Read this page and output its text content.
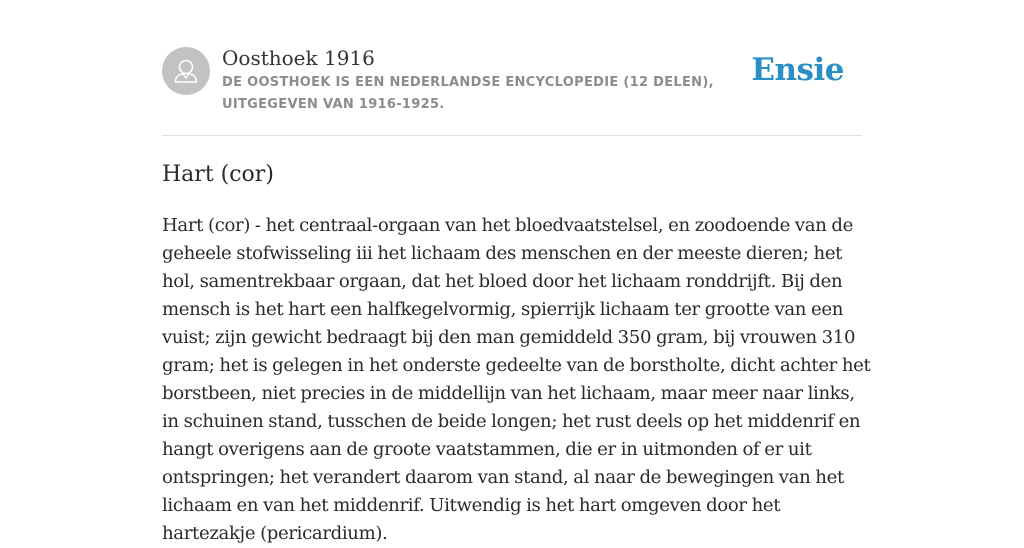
Oosthoek 1916
DE OOSTHOEK IS EEN NEDERLANDSE ENCYCLOPEDIE (12 DELEN), UITGEGEVEN VAN 1916-1925.
Ensie
Hart (cor)

Hart (cor) - het centraal-orgaan van het bloedvaatstelsel, en zoodoende van de geheele stofwisseling iii het lichaam des menschen en der meeste dieren; het hol, samentrekbaar orgaan, dat het bloed door het lichaam ronddrijft. Bij den mensch is het hart een halfkegelvormig, spierrijk lichaam ter grootte van een vuist; zijn gewicht bedraagt bij den man gemiddeld 350 gram, bij vrouwen 310 gram; het is gelegen in het onderste gedeelte van de borstholte, dicht achter het borstbeen, niet precies in de middellijn van het lichaam, maar meer naar links, in schuinen stand, tusschen de beide longen; het rust deels op het middenrif en hangt overigens aan de groote vaatstammen, die er in uitmonden of er uit ontspringen; het verandert daarom van stand, al naar de bewegingen van het lichaam en van het middenrif. Uitwendig is het hart omgeven door het hartezakje (pericardium).
